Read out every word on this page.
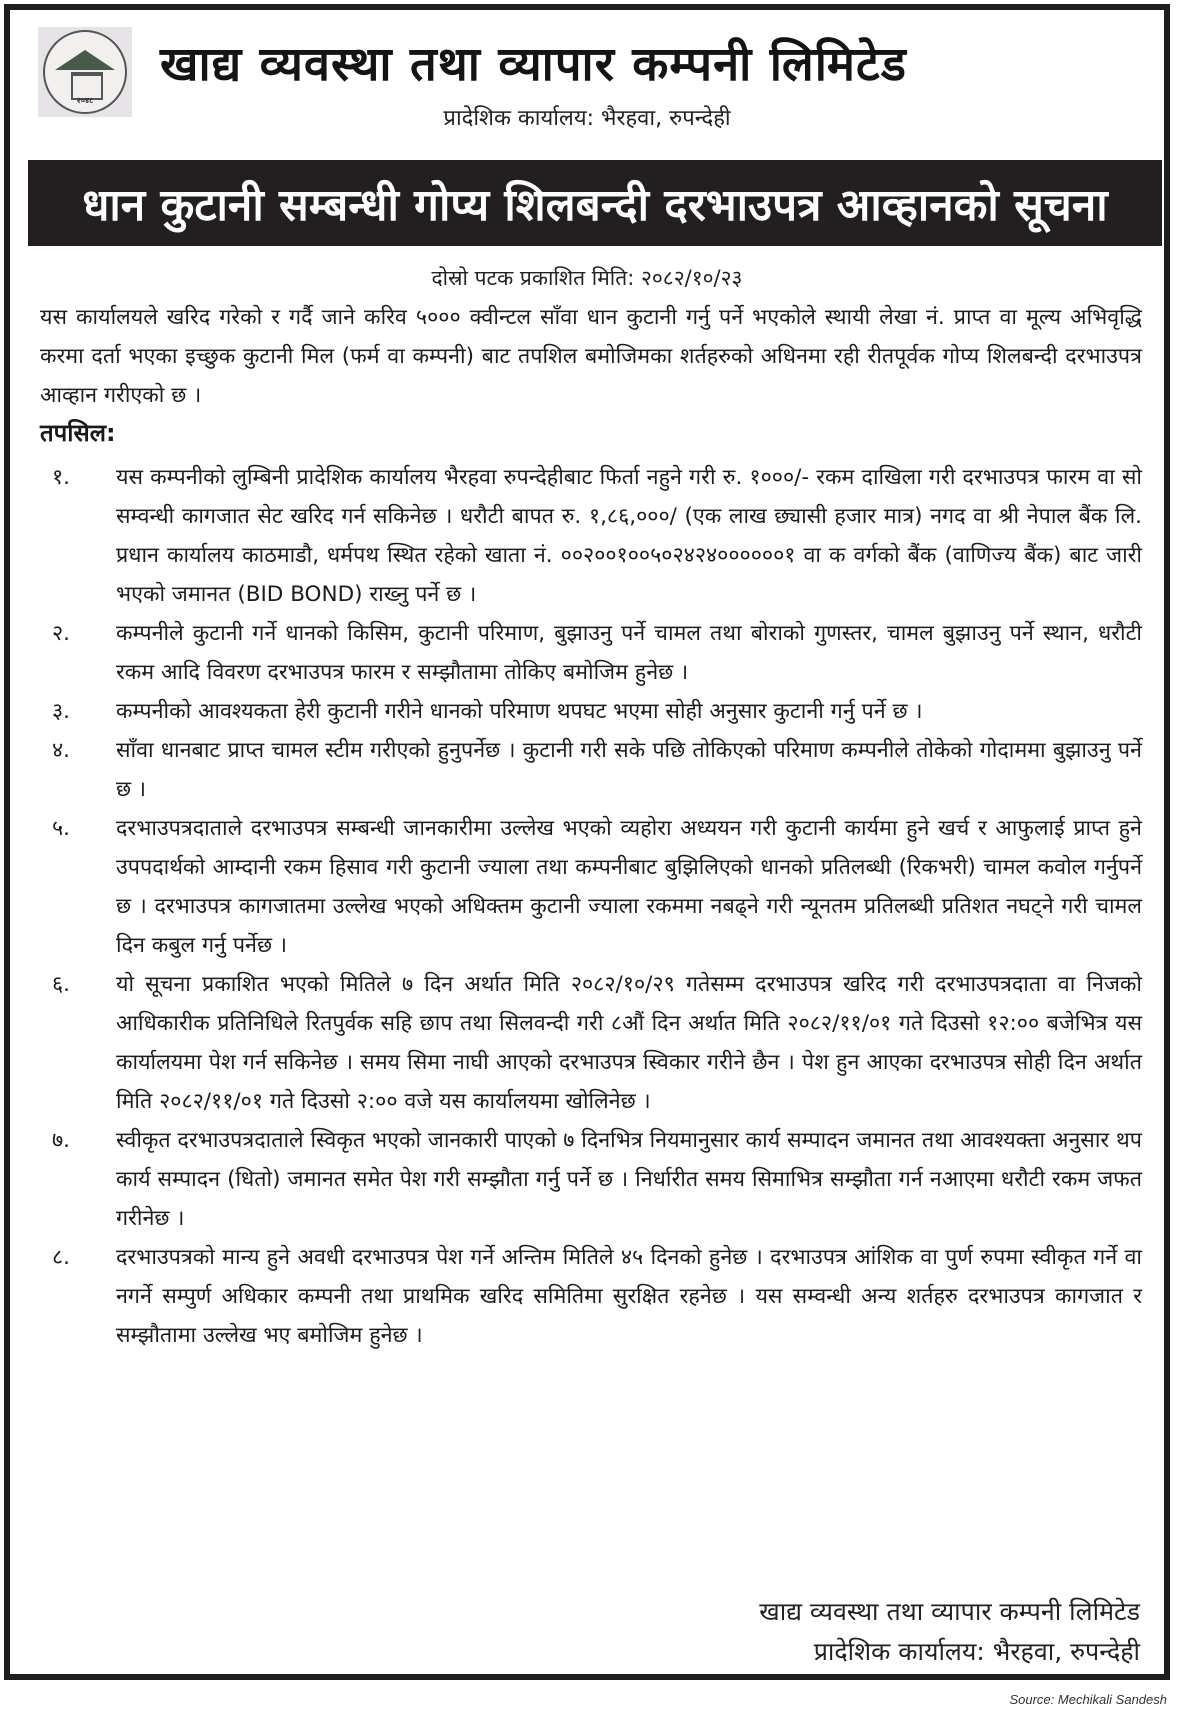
२०४८
खाद्य व्यवस्था तथा व्यापार कम्पनी लिमिटेड
प्रादेशिक कार्यालय: भैरहवा, रुपन्देही
धान कुटानी सम्बन्धी गोप्य शिलबन्दी दरभाउपत्र आव्हानको सूचना
दोस्रो पटक प्रकाशित मिति: २०८२/१०/२३
यस कार्यालयले खरिद गरेको र गर्दै जाने करिव ५००० क्वीन्टल साँवा धान कुटानी गर्नु पर्ने भएकोले स्थायी लेखा नं. प्राप्त वा मूल्य अभिवृद्धि करमा दर्ता भएका इच्छुक कुटानी मिल (फर्म वा कम्पनी) बाट तपशिल बमोजिमका शर्तहरुको अधिनमा रही रीतपूर्वक गोप्य शिलबन्दी दरभाउपत्र आव्हान गरीएको छ ।
तपसिल:
१.	यस कम्पनीको लुम्बिनी प्रादेशिक कार्यालय भैरहवा रुपन्देहीबाट फिर्ता नहुने गरी रु. १०००/- रकम दाखिला गरी दरभाउपत्र फारम वा सो सम्वन्धी कागजात सेट खरिद गर्न सकिनेछ । धरौटी बापत रु. १,८६,०००/ (एक लाख छ्यासी हजार मात्र) नगद वा श्री नेपाल बैंक लि. प्रधान कार्यालय काठमाडौ, धर्मपथ स्थित रहेको खाता नं. ००२००१००५०२४२४००००००१ वा क वर्गको बैंक (वाणिज्य बैंक) बाट जारी भएको जमानत (BID BOND) राख्नु पर्ने छ ।
२.	कम्पनीले कुटानी गर्ने धानको किसिम, कुटानी परिमाण, बुझाउनु पर्ने चामल तथा बोराको गुणस्तर, चामल बुझाउनु पर्ने स्थान, धरौटी रकम आदि विवरण दरभाउपत्र फारम र सम्झौतामा तोकिए बमोजिम हुनेछ ।
३.	कम्पनीको आवश्यकता हेरी कुटानी गरीने धानको परिमाण थपघट भएमा सोही अनुसार कुटानी गर्नु पर्ने छ ।
४.	साँवा धानबाट प्राप्त चामल स्टीम गरीएको हुनुपर्नेछ । कुटानी गरी सके पछि तोकिएको परिमाण कम्पनीले तोकेको गोदाममा बुझाउनु पर्ने छ ।
५.	दरभाउपत्रदाताले दरभाउपत्र सम्बन्धी जानकारीमा उल्लेख भएको व्यहोरा अध्ययन गरी कुटानी कार्यमा हुने खर्च र आफुलाई प्राप्त हुने उपपदार्थको आम्दानी रकम हिसाव गरी कुटानी ज्याला तथा कम्पनीबाट बुझिलिएको धानको प्रतिलब्धी (रिकभरी) चामल कवोल गर्नुपर्ने छ । दरभाउपत्र कागजातमा उल्लेख भएको अधिक्तम कुटानी ज्याला रकममा नबढ्ने गरी न्यूनतम प्रतिलब्धी प्रतिशत नघट्ने गरी चामल दिन कबुल गर्नु पर्नेछ ।
६.	यो सूचना प्रकाशित भएको मितिले ७ दिन अर्थात मिति २०८२/१०/२९ गतेसम्म दरभाउपत्र खरिद गरी दरभाउपत्रदाता वा निजको आधिकारीक प्रतिनिधिले रितपुर्वक सहि छाप तथा सिलवन्दी गरी ८औं दिन अर्थात मिति २०८२/११/०१ गते दिउसो १२:०० बजेभित्र यस कार्यालयमा पेश गर्न सकिनेछ । समय सिमा नाघी आएको दरभाउपत्र स्विकार गरीने छैन । पेश हुन आएका दरभाउपत्र सोही दिन अर्थात मिति २०८२/११/०१ गते दिउसो २:०० वजे यस कार्यालयमा खोलिनेछ ।
७.	स्वीकृत दरभाउपत्रदाताले स्विकृत भएको जानकारी पाएको ७ दिनभित्र नियमानुसार कार्य सम्पादन जमानत तथा आवश्यक्ता अनुसार थप कार्य सम्पादन (धितो) जमानत समेत पेश गरी सम्झौता गर्नु पर्ने छ । निर्धारीत समय सिमाभित्र सम्झौता गर्न नआएमा धरौटी रकम जफत गरीनेछ ।
८.	दरभाउपत्रको मान्य हुने अवधी दरभाउपत्र पेश गर्ने अन्तिम मितिले ४५ दिनको हुनेछ । दरभाउपत्र आंशिक वा पुर्ण रुपमा स्वीकृत गर्ने वा नगर्ने सम्पुर्ण अधिकार कम्पनी तथा प्राथमिक खरिद समितिमा सुरक्षित रहनेछ । यस सम्वन्धी अन्य शर्तहरु दरभाउपत्र कागजात र सम्झौतामा उल्लेख भए बमोजिम हुनेछ ।
खाद्य व्यवस्था तथा व्यापार कम्पनी लिमिटेड
प्रादेशिक कार्यालय: भैरहवा, रुपन्देही
Source: Mechikali Sandesh
